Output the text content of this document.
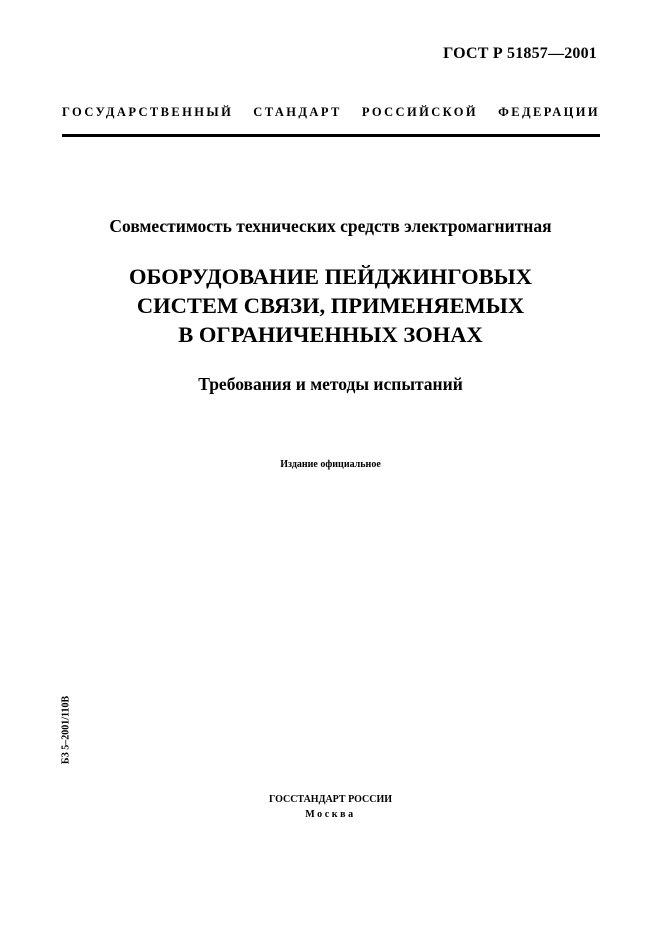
ГОСТ Р 51857—2001
ГОСУДАРСТВЕННЫЙ СТАНДАРТ РОССИЙСКОЙ ФЕДЕРАЦИИ
Совместимость технических средств электромагнитная
ОБОРУДОВАНИЕ ПЕЙДЖИНГОВЫХ
СИСТЕМ СВЯЗИ, ПРИМЕНЯЕМЫХ
В ОГРАНИЧЕННЫХ ЗОНАХ
Требования и методы испытаний
Издание официальное
БЗ 5–2001/110В
ГОССТАНДАРТ РОССИИ
Москва
